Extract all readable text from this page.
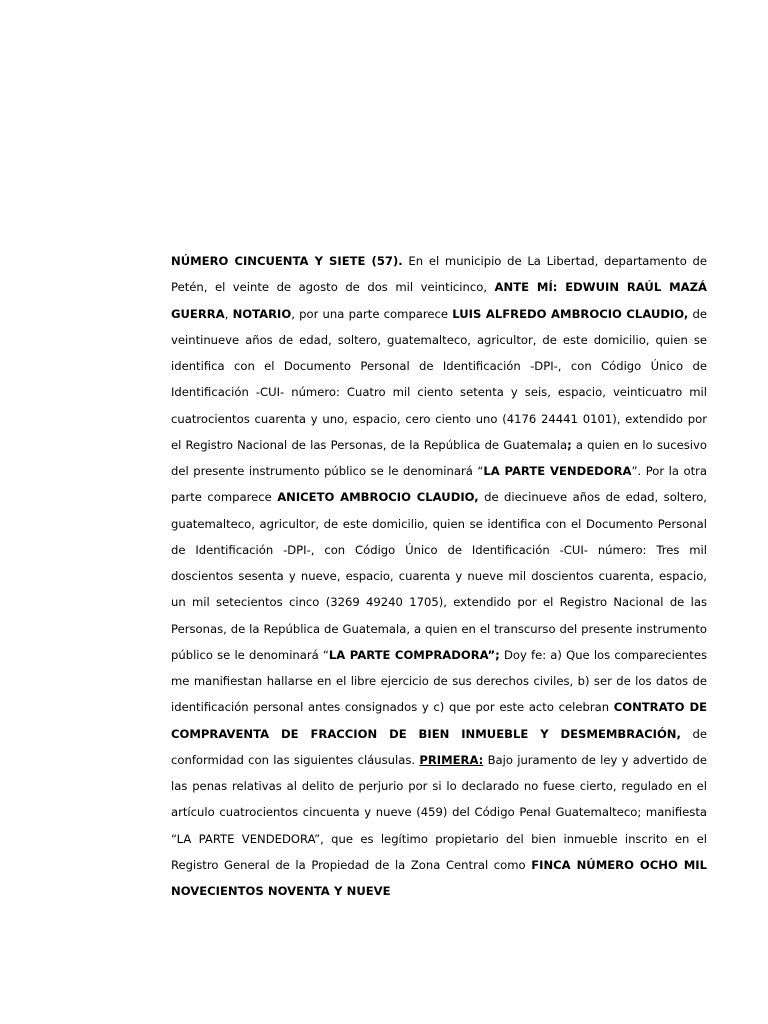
NÚMERO CINCUENTA Y SIETE (57). En el municipio de La Libertad, departamento de Petén, el veinte de agosto de dos mil veinticinco, ANTE MÍ: EDWUIN RAÚL MAZÁ GUERRA, NOTARIO, por una parte comparece LUIS ALFREDO AMBROCIO CLAUDIO, de veintinueve años de edad, soltero, guatemalteco, agricultor, de este domicilio, quien se identifica con el Documento Personal de Identificación -DPI-, con Código Único de Identificación -CUI- número: Cuatro mil ciento setenta y seis, espacio, veinticuatro mil cuatrocientos cuarenta y uno, espacio, cero ciento uno (4176 24441 0101), extendido por el Registro Nacional de las Personas, de la República de Guatemala; a quien en lo sucesivo del presente instrumento público se le denominará “LA PARTE VENDEDORA”. Por la otra parte comparece ANICETO AMBROCIO CLAUDIO, de diecinueve años de edad, soltero, guatemalteco, agricultor, de este domicilio, quien se identifica con el Documento Personal de Identificación -DPI-, con Código Único de Identificación -CUI- número: Tres mil doscientos sesenta y nueve, espacio, cuarenta y nueve mil doscientos cuarenta, espacio, un mil setecientos cinco (3269 49240 1705), extendido por el Registro Nacional de las Personas, de la República de Guatemala, a quien en el transcurso del presente instrumento público se le denominará “LA PARTE COMPRADORA”; Doy fe: a) Que los comparecientes me manifiestan hallarse en el libre ejercicio de sus derechos civiles, b) ser de los datos de identificación personal antes consignados y c) que por este acto celebran CONTRATO DE COMPRAVENTA DE FRACCION DE BIEN INMUEBLE Y DESMEMBRACIÓN, de conformidad con las siguientes cláusulas. PRIMERA: Bajo juramento de ley y advertido de las penas relativas al delito de perjurio por si lo declarado no fuese cierto, regulado en el artículo cuatrocientos cincuenta y nueve (459) del Código Penal Guatemalteco; manifiesta “LA PARTE VENDEDORA”, que es legítimo propietario del bien inmueble inscrito en el Registro General de la Propiedad de la Zona Central como FINCA NÚMERO OCHO MIL NOVECIENTOS NOVENTA Y NUEVE
